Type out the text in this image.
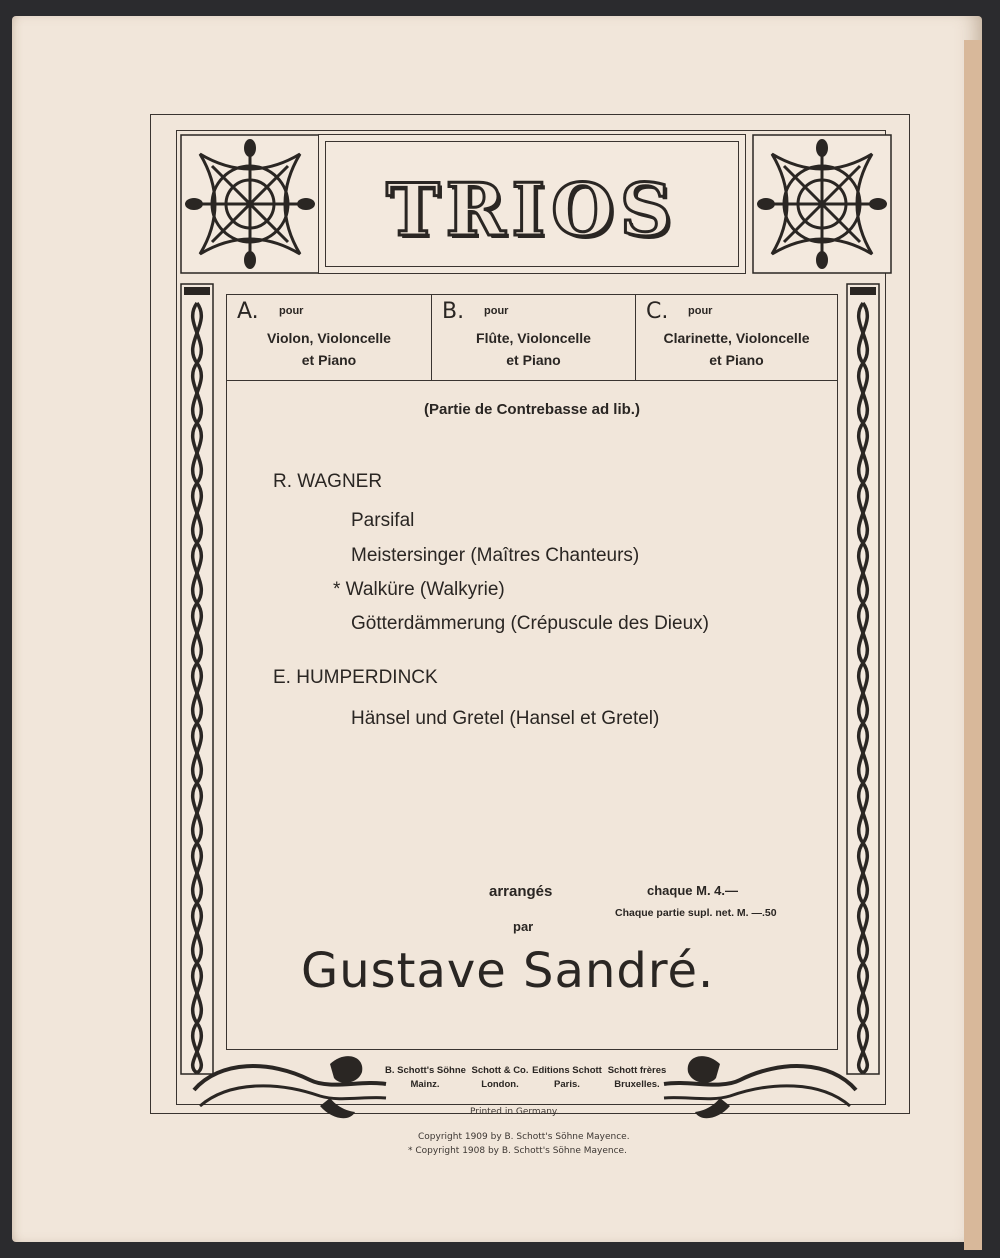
TRIOS
A. pour
Violon, Violoncelle
et Piano
B. pour
Flûte, Violoncelle
et Piano
C. pour
Clarinette, Violoncelle
et Piano
(Partie de Contrebasse ad lib.)
R. WAGNER
Parsifal
Meistersinger (Maîtres Chanteurs)
* Walküre (Walkyrie)
Götterdämmerung (Crépuscule des Dieux)
E. HUMPERDINCK
Hänsel und Gretel (Hansel et Gretel)
arrangés
par
chaque M. 4.—
Chaque partie supl. net. M. —.50
Gustave Sandré.
B. Schott's Söhne
Mainz.
Schott & Co.
London.
Editions Schott
Paris.
Schott frères
Bruxelles.
Printed in Germany.
Copyright 1909 by B. Schott's Söhne Mayence.
* Copyright 1908 by B. Schott's Söhne Mayence.
